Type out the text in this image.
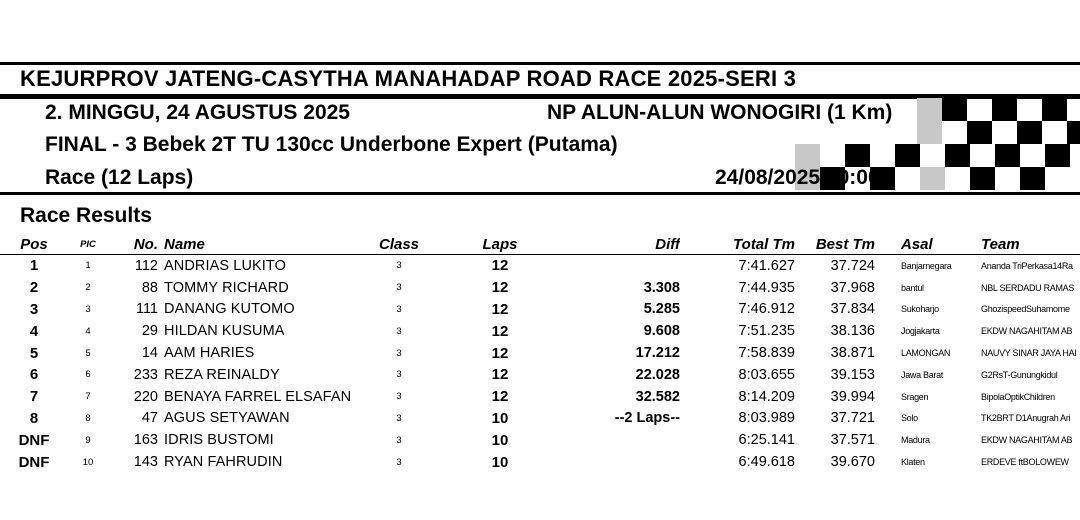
KEJURPROV JATENG-CASYTHA MANAHADAP ROAD RACE 2025-SERI 3
2. MINGGU, 24 AGUSTUS 2025	NP ALUN-ALUN WONOGIRI (1 Km)
FINAL - 3 Bebek 2T TU 130cc Underbone Expert (Putama)
Race (12 Laps)	24/08/2025 10:00
Race Results
Pos	PIC	No.	Name	Class	Laps	Diff	Total Tm	Best Tm	Asal	Team
1	1	112	ANDRIAS LUKITO	3	12		7:41.627	37.724	Banjarnegara	Ananda TriPerkasa14Ra
2	2	88	TOMMY RICHARD	3	12	3.308	7:44.935	37.968	bantul	NBL SERDADU RAMAS
3	3	111	DANANG KUTOMO	3	12	5.285	7:46.912	37.834	Sukoharjo	GhozispeedSuhamome
4	4	29	HILDAN KUSUMA	3	12	9.608	7:51.235	38.136	Jogjakarta	EKDW NAGAHITAM AB
5	5	14	AAM HARIES	3	12	17.212	7:58.839	38.871	LAMONGAN	NAUVY SINAR JAYA HAI
6	6	233	REZA REINALDY	3	12	22.028	8:03.655	39.153	Jawa Barat	G2RsT-Gunungkidul
7	7	220	BENAYA FARREL ELSAFAN	3	12	32.582	8:14.209	39.994	Sragen	BipolaOptikChildren
8	8	47	AGUS SETYAWAN	3	10	--2 Laps--	8:03.989	37.721	Solo	TK2BRT D1Anugrah Ari
DNF	9	163	IDRIS BUSTOMI	3	10		6:25.141	37.571	Madura	EKDW NAGAHITAM AB
DNF	10	143	RYAN FAHRUDIN	3	10		6:49.618	39.670	Klaten	ERDEVE ftBOLOWEW
